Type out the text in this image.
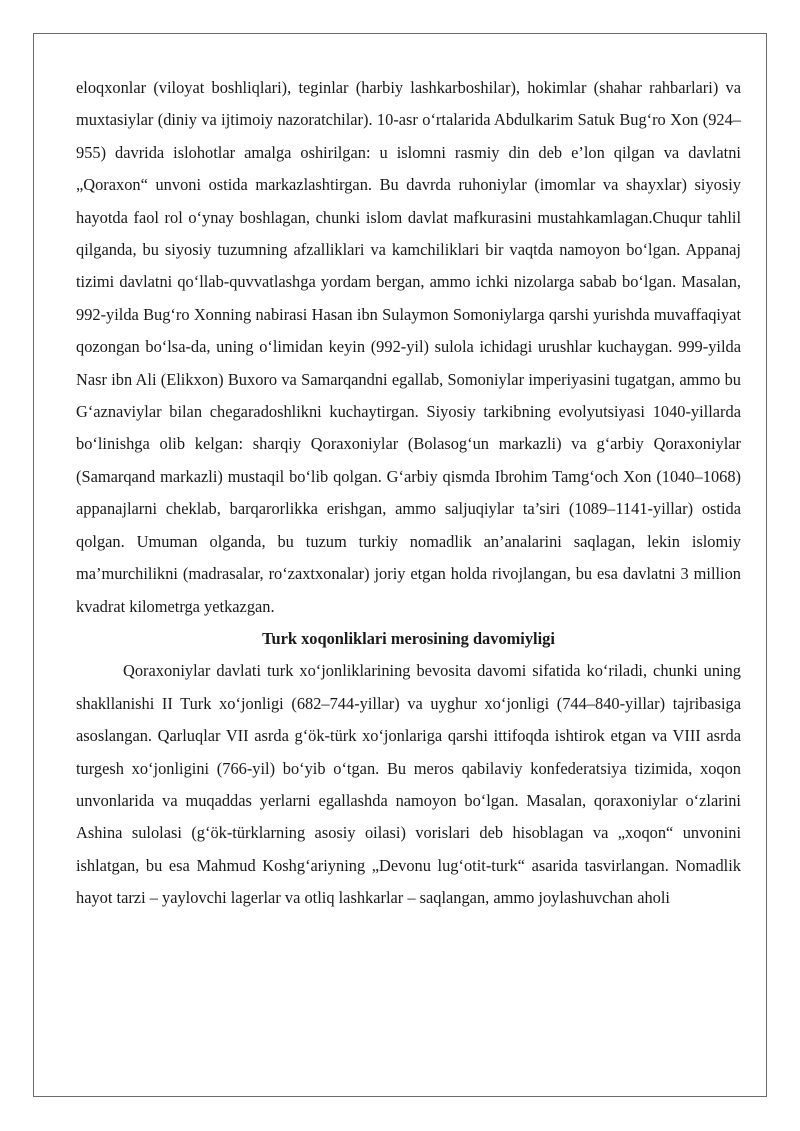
eloqxonlar (viloyat boshliqlari), teginlar (harbiy lashkarboshilar), hokimlar (shahar rahbarlari) va muxtasiylar (diniy va ijtimoiy nazoratchilar). 10-asr o‘rtalarida Abdulkarim Satuk Bug‘ro Xon (924–955) davrida islohotlar amalga oshirilgan: u islomni rasmiy din deb e’lon qilgan va davlatni „Qoraxon“ unvoni ostida markazlashtirgan. Bu davrda ruhoniylar (imomlar va shayxlar) siyosiy hayotda faol rol o‘ynay boshlagan, chunki islom davlat mafkurasini mustahkamlagan.Chuqur tahlil qilganda, bu siyosiy tuzumning afzalliklari va kamchiliklari bir vaqtda namoyon bo‘lgan. Appanaj tizimi davlatni qo‘llab-quvvatlashga yordam bergan, ammo ichki nizolarga sabab bo‘lgan. Masalan, 992-yilda Bug‘ro Xonning nabirasi Hasan ibn Sulaymon Somoniylarga qarshi yurishda muvaffaqiyat qozongan bo‘lsa-da, uning o‘limidan keyin (992-yil) sulola ichidagi urushlar kuchaygan. 999-yilda Nasr ibn Ali (Elikxon) Buxoro va Samarqandni egallab, Somoniylar imperiyasini tugatgan, ammo bu G‘aznaviylar bilan chegaradoshlikni kuchaytirgan. Siyosiy tarkibning evolyutsiyasi 1040-yillarda bo‘linishga olib kelgan: sharqiy Qoraxoniylar (Bolasog‘un markazli) va g‘arbiy Qoraxoniylar (Samarqand markazli) mustaqil bo‘lib qolgan. G‘arbiy qismda Ibrohim Tamg‘och Xon (1040–1068) appanajlarni cheklab, barqarorlikka erishgan, ammo saljuqiylar ta’siri (1089–1141-yillar) ostida qolgan. Umuman olganda, bu tuzum turkiy nomadlik an’analarini saqlagan, lekin islomiy ma’murchilikni (madrasalar, ro‘zaxtxonalar) joriy etgan holda rivojlangan, bu esa davlatni 3 million kvadrat kilometrga yetkazgan.

Turk xoqonliklari merosining davomiyligi

Qoraxoniylar davlati turk xo‘jonliklarining bevosita davomi sifatida ko‘riladi, chunki uning shakllanishi II Turk xo‘jonligi (682–744-yillar) va uyghur xo‘jonligi (744–840-yillar) tajribasiga asoslangan. Qarluqlar VII asrda g‘ök-türk xo‘jonlariga qarshi ittifoqda ishtirok etgan va VIII asrda turgesh xo‘jonligini (766-yil) bo‘yib o‘tgan. Bu meros qabilaviy konfederatsiya tizimida, xoqon unvonlarida va muqaddas yerlarni egallashda namoyon bo‘lgan. Masalan, qoraxoniylar o‘zlarini Ashina sulolasi (g‘ök-türklarning asosiy oilasi) vorislari deb hisoblagan va „xoqon“ unvonini ishlatgan, bu esa Mahmud Koshg‘ariyning „Devonu lug‘otit-turk“ asarida tasvirlangan. Nomadlik hayot tarzi – yaylovchi lagerlar va otliq lashkarlar – saqlangan, ammo joylashuvchan aholi
